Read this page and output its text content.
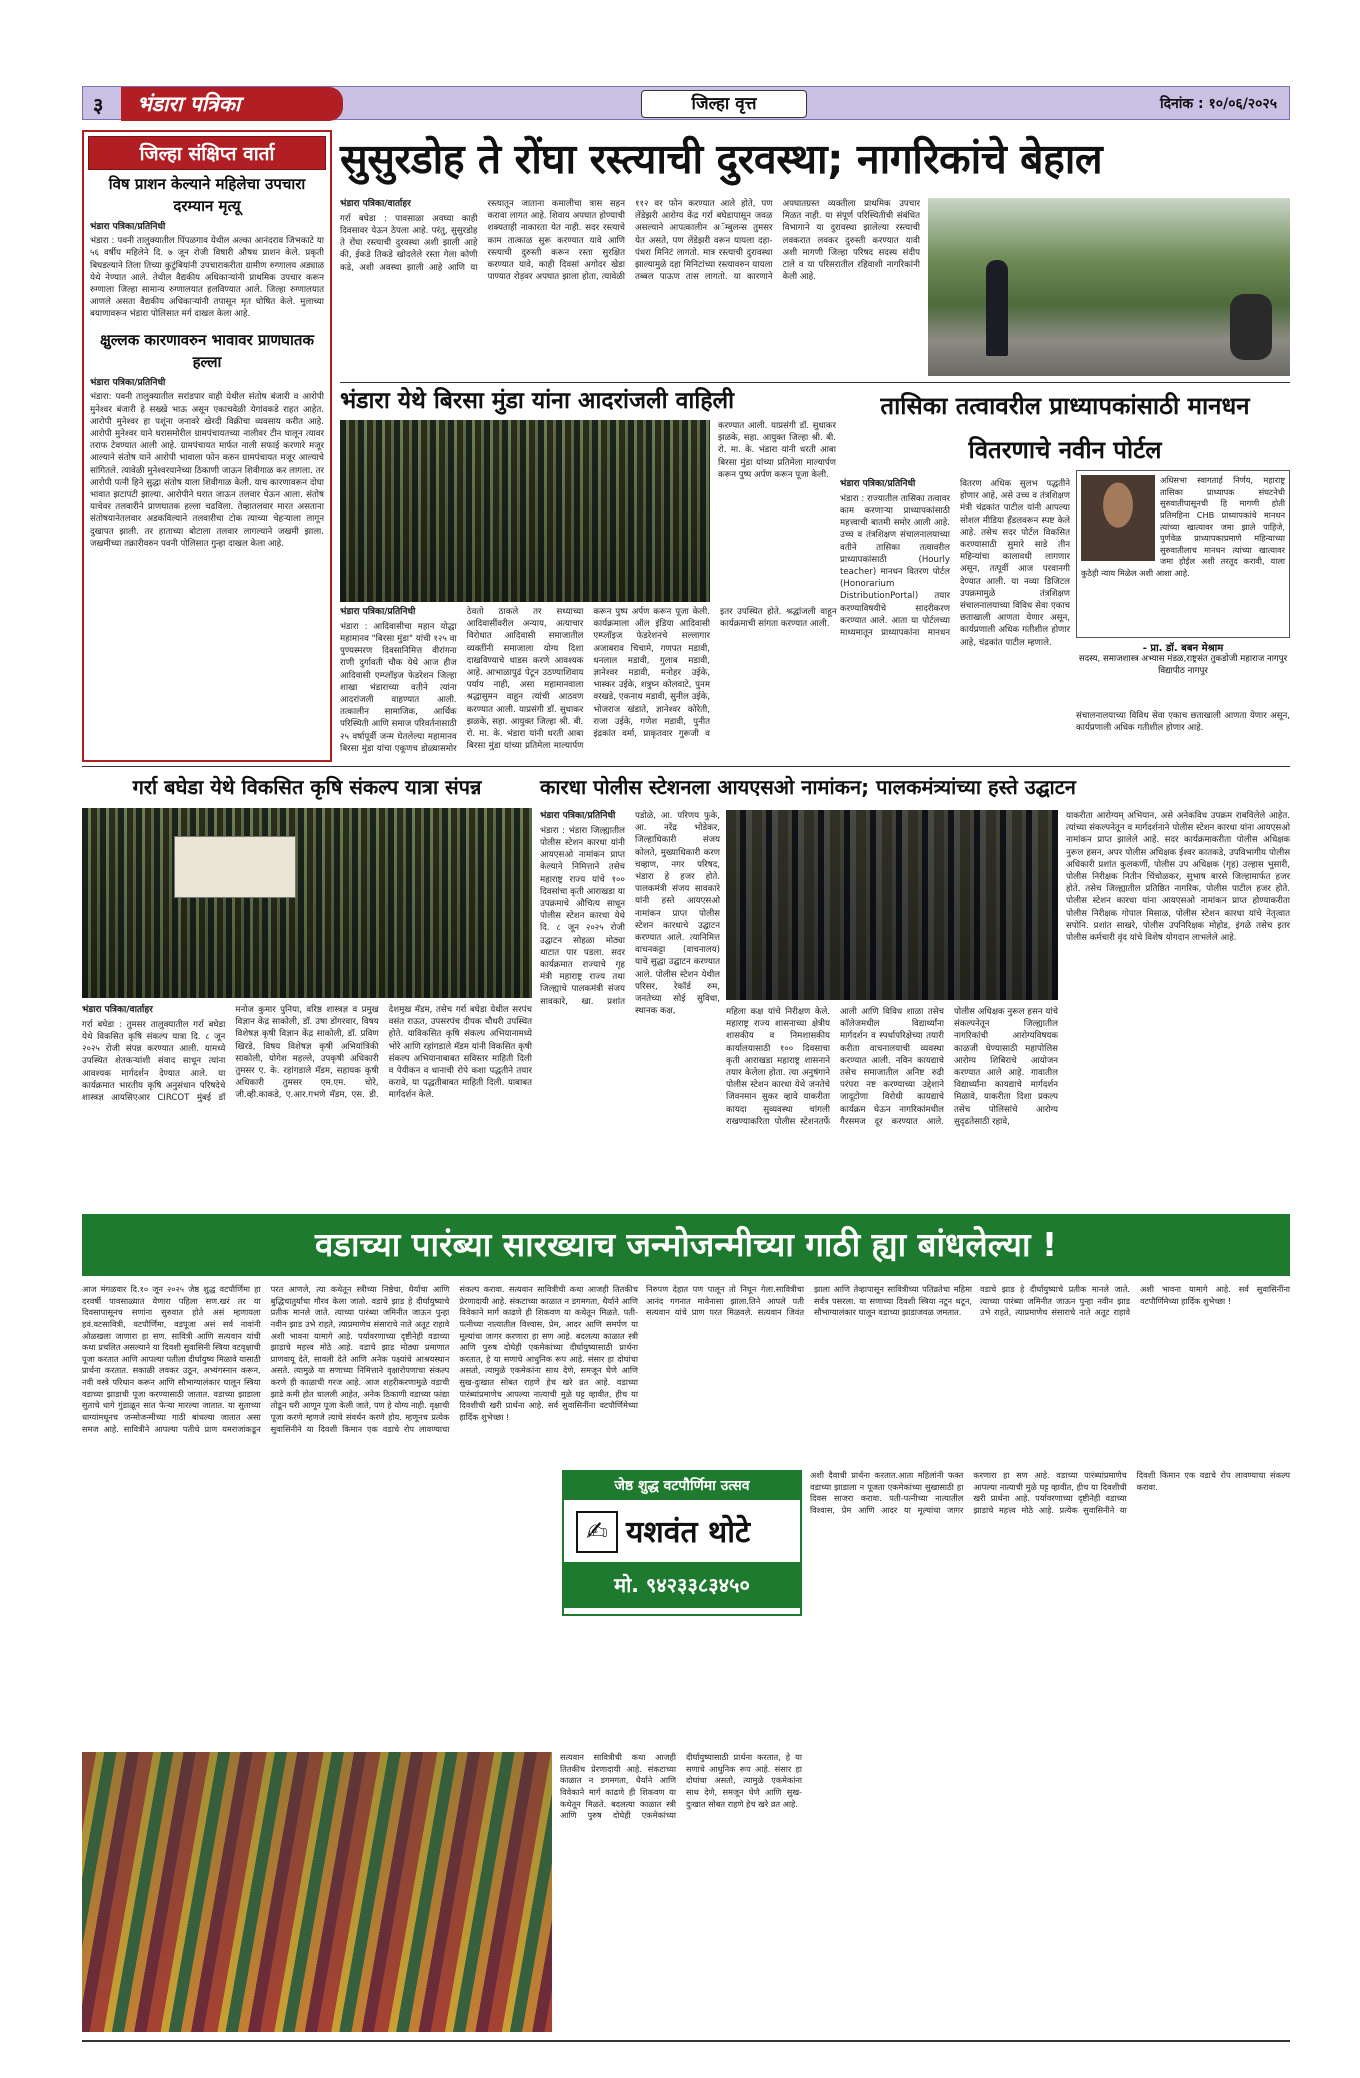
३ भंडारा पत्रिका	जिल्हा वृत्त	दिनांक : १०/०६/२०२५
जिल्हा संक्षिप्त वार्ता
विष प्राशन केल्याने महिलेचा उपचारा दरम्यान मृत्यू
भंडारा पत्रिका/प्रतिनिधी
भंडारा : पवनी तालुक्यातील पिंपळगाव येथील अल्का आनंदराव जिभकाटे या ५६ वर्षीय महिलेने दि. ७ जून रोजी विषारी औषध प्राशन केले. प्रकृती बिघडल्याने तिला तिच्या कुटुंबियांनी उपचाराकरीता ग्रामीण रुग्णालय अड्याळ येथे नेण्यात आले. तेथील वैद्यकीय अधिकाऱ्यांनी प्राथमिक उपचार करून रुग्णाला जिल्हा सामान्य रुग्णालयात हलविण्यात आले. जिल्हा रुग्णालयात आणले असता वैद्यकीय अधिकाऱ्यांनी तपासून मृत घोषित केले. मुलाच्या बयाणावरून भंडारा पोलिसात मर्ग दाखल केला आहे.
क्षुल्लक कारणावरुन भावावर प्राणघातक हल्ला
भंडारा पत्रिका/प्रतिनिधी
भंडारा: पवनी तालुक्यातील सरांडपार वाही येथील संतोष बंजारी व आरोपी मुनेश्वर बंजारी हे सख्खे भाऊ असून एकाचवेळी येगांवकडे राहत आहेत. आरोपी मुनेश्वर हा पशूंना जनावरे खेरदी विक्रीचा व्यवसाय करीत आहे. आरोपी मुनेश्वर याने घरासमोरील ग्रामपंचायतच्या नालीवर टीन घालून त्यावर तराफ टेवण्यात आली आहे. ग्रामपंचायत मार्फत नाली सफाई करणारे मजूर आल्याने संतोष याने आरोपी भावाला फोन करुन ग्रामपंचायत मजूर आल्याचे सांगितले. त्यावेळी मुनेश्वरयानेच्या ठिकाणी जाऊन शिवीगाळ कर लागला. तर आरोपी पत्नी हिने सुद्धा संतोष याला शिवीगाळ केली. याच कारणावरून दोघा भावात झटापटी झाल्या. आरोपीने घरात जाऊन तलवार घेऊन आला. संतोष याचेवर तलवारीने प्राणघातक हल्ला चढविला. तेव्हातलवार मारत असताना संतोषयानेतलवार अडकविल्याने तलवारीचा टोक त्याच्या चेहऱ्याला लागून दुखापत झाली. तर हाताच्या बोटाला तलवार लागल्याने जखमी झाला. जखमीच्या तक्रारीवरुन पवनी पोलिसात गुन्हा दाखल केला आहे.
सुसुरडोह ते रोंघा रस्त्याची दुरवस्था; नागरिकांचे बेहाल
भंडारा पत्रिका/वार्ताहर
गर्रा बघेडा : पावसाळा अवघ्या काही दिवसावर येऊन ठेपला आहे. परंतु, सुसुरडोह ते रोंघा रस्त्याची दुरवस्था अशी झाली आहे की, ईकडे तिकडे खोदलेले रस्ता गेला कोणी कडे, अशी अवस्था झाली आहे आणि या रस्त्यातून जाताना कमालीचा त्रास सहन करावा लागत आहे. शिवाय अपघात होण्याची शक्यताही नाकारता येत नाही. सदर रस्त्याचे काम तात्काळ सुरू करण्यात यावे आणि रस्त्याची दुरुस्ती करून रस्ता सुरक्षित करण्यात यावे, काही दिवसां अगोदर खेडा पाण्यात रोड़वर अपघात झाला होता, त्यावेळी ११२ वर फोन करण्यात आले होते, पण लेंडेझरी आरोग्य केंद्र गर्रा बघेडापासून जवळ असल्याने आपत्कालीन अॅम्बुलन्स तुमसर येत असते, पण लेंडेझरी वरून यायला दहा-पंधरा मिनिटं लागतो. मात्र रस्त्याची दुरावस्था झाल्यामुळे दहा मिनिटांच्या रस्त्यावरुन यायला तब्बल पाऊण तास लागतो. या कारणाने अपघातग्रस्त व्यक्तीला प्राथमिक उपचार मिळत नाही. या संपूर्ण परिस्थितीची संबंधित विभागाने या दुरावस्था झालेल्या रस्त्याची लवकरात लवकर दुरुस्ती करण्यात यावी अशी मागणी जिल्हा परिषद सदस्य संदीप टाले व या परिसरातील रहिवाशी नागरिकांनी केली आहे.
भंडारा येथे बिरसा मुंडा यांना आदरांजली वाहिली
भंडारा पत्रिका/प्रतिनिधी
भंडारा : आदिवासीचा महान योद्धा महामानव "बिरसा मुंडा" यांची १२५ वा पुण्यस्मरण दिवसानिमित्त वीरांगना राणी दुर्गावती चौक येथे आज हीज आदिवासी एम्प्लॉइज फेडरेशन जिल्हा शाखा भंडाराच्या वतीने त्यांना आदरांजली वाहण्यात आली. तत्कालीन सामाजिक, आर्थिक परिस्थिती आणि समाज परिवर्तनासाठी २५ वर्षापूर्वी जन्म घेतलेल्या महामानव बिरसा मुंडा यांचा एकूणच डोळ्यासमोर ठेवतो ठाकले तर सध्याच्या आदिवासींवरील अन्याय, अत्याचार विरोधात आदिवासी समाजातील व्यक्तींनी समाजाला योग्य दिशा दाखविण्याचे धाडस करणे आवश्यक आहे. आभाळापुढं पेटून उठण्याशिवाय पर्याय नाही, असा महामानवाला श्रद्धासुमन वाहून त्यांची आठवण करण्यात आली. याप्रसंगी डॉ. सुधाकर झळके, सहा. आयुक्त जिल्हा श्री. बी. रो. मा. के. भंडारा यांनी धरती आबा बिरसा मुंडा यांच्या प्रतिमेला माल्यार्पण करून पुष्प अर्पण करून पूजा केली. कार्यक्रमाला ऑल इंडिया आदिवासी एम्प्लॉइज फेडरेशनचे सल्लागार अजाबराव चिचामे, गणपत मडावी, धनलाल मडावी, गुलाब मडावी, ज्ञानेश्वर मडावी, मनोहर उईके, भास्कर उईके, शत्रुघ्न कोलवाटे, पुनम वरखडे, एकनाथ मडावी, सुनील उईके, भोजराज खंडाते, ज्ञानेश्वर कोरेती, राजा उईके, गणेश मडावी, पुनीत इंद्रकांत वर्मा, प्राकृतवार गुरूजी व इतर उपस्थित होते. श्रद्धांजली वाहून कार्यक्रमाची सांगता करण्यात आली.
करण्यात आली. याप्रसंगी डॉ. सुधाकर झळके, सहा. आयुक्त जिल्हा श्री. बी. रो. मा. के. भंडारा यांनी धरती आबा बिरसा मुंडा यांच्या प्रतिमेला माल्यार्पण करून पुष्प अर्पण करून पूजा केली.
तासिका तत्वावरील प्राध्यापकांसाठी मानधन वितरणाचे नवीन पोर्टल
भंडारा पत्रिका/प्रतिनिधी
भंडारा : राज्यातील तासिका तत्वावर काम करणाऱ्या प्राध्यापकांसाठी महत्त्वाची बातमी समोर आली आहे. उच्च व तंत्रशिक्षण संचालनालयाच्या वतीने तासिका तत्वावरील प्राध्यापकांसाठी (Hourly teacher) मानधन वितरण पोर्टल (Honorarium DistributionPortal) तयार करण्याविषयीचे सादरीकरण करण्यात आले. आता या पोर्टलच्या माध्यमातून प्राध्यापकांना मानधन वितरण अधिक सुलभ पद्धतीने होणार आहे, असे उच्च व तंत्रशिक्षण मंत्री चंद्रकांत पाटील यांनी आपल्या सोशल मीडिया हँडलवरून स्पष्ट केले आहे. तसेच सदर पोर्टल विकसित करण्यासाठी सुमारे साडे तीन महिन्यांचा कालावधी लागणार असून, तत्पूर्वी आज परवानगी देण्यात आली. या नव्या डिजिटल उपक्रमामुळे तंत्रशिक्षण संचालनालयाच्या विविध सेवा एकाच छताखाली आणता येणार असून, कार्यप्रणाली अधिक गतीशील होणार आहे, चंद्रकांत पाटील म्हणाले.
अधिसभा स्वागतार्ह निर्णय, महाराष्ट्र तासिका प्राध्यापक संघटनेची सुरुवातीपासूनची हि मागणी होती प्रतिमहिना CHB प्राध्यापकांचे मानधन त्यांच्या खात्यावर जमा झाले पाहिजे, पुर्णवेळ प्राध्यापकाप्रमाणे महिन्याच्या सुरुवातीलाच मानधन त्यांच्या खात्यावर जमा होईल अशी तरतूद करावी, याला कुठेही न्याय मिळेल अशी आशा आहे.
- प्रा. डॉ. बबन मेश्राम
सदस्य, समाजशास्त्र अभ्यास मंडळ,राष्ट्रसंत तुकडोजी महाराज नागपुर विद्यापीठ नागपुर
संचालनालयाच्या विविध सेवा एकाच छताखाली आणता येणार असून, कार्यप्रणाली अधिक गतीशील होणार आहे.
गर्रा बघेडा येथे विकसित कृषि संकल्प यात्रा संपन्न
भंडारा पत्रिका/वार्ताहर
गर्रा बघेडा : तुमसर तालुक्यातील गर्रा बघेडा येथे विकसित कृषि संकल्प यात्रा दि. ८ जून २०२५ रोजी संपन्न करण्यात आली. यामध्ये उपस्थित शेतकऱ्यांशी संवाद साधून त्यांना आवश्यक मार्गदर्शन देण्यात आले. या कार्यक्रमात भारतीय कृषि अनुसंधान परिषदेचे शास्त्रज्ञ आयसिएआर CIRCOT मुंबई डॉ मनोज कुमार पुनिया, वरिष्ठ शास्त्रज्ञ व प्रमुख विज्ञान केंद्र साकोली, डॉ. उषा डोंगरवार, विषय विशेषज्ञ कृषी विज्ञान केंद्र साकोली, डॉ. प्रविण खिरडे, विषय विशेषज्ञ कृषी अभियांत्रिकी साकोली, योगेश महल्ले, उपकृषी अधिकारी तुमसर ए. के. रहांगडाले मॅडम, सहायक कृषी अधिकारी तुमसर एम.एम. चोरे, जी.व्ही.काकडे, ए.आर.गभणे मॅडम, एस. डी. देशमुख मॅडम, तसेच गर्रा बघेडा येथील सरपंच वसंत राऊत, उपसरपंच दीपक चौधरी उपस्थित होते. याविकसित कृषि संकल्प अभियानामध्ये भोरे आणि रहांगडाले मॅडम यांनी विकसित कृषी संकल्प अभियानाबाबत सविस्तर माहिती दिली व पेयीकन व धानाची रोपे कशा पद्धतीने तयार करावे, या पद्धतीबाबत माहिती दिली. याबाबत मार्गदर्शन केले.
कारधा पोलीस स्टेशनला आयएसओ नामांकन; पालकमंत्र्यांच्या हस्ते उद्घाटन
भंडारा पत्रिका/प्रतिनिधी
भंडारा : भंडारा जिल्ह्यातील पोलीस स्टेशन कारधा यांनी आयएसओ नामांकन प्राप्त केल्याने निमित्ताने तसेच महाराष्ट्र राज्य यांचे १०० दिवसांचा कृती आराखडा या उपक्रमाचे औचित्य साधून पोलीस स्टेशन कारधा येथे दि. ८ जून २०२५ रोजी उद्घाटन सोहळा मोठ्या थाटात पार पडला. सदर कार्यक्रमात राज्याचे गृह मंत्री महाराष्ट्र राज्य तथा जिल्ह्याचे पालकमंत्री संजय सावकारे, खा. प्रशांत पडोळे, आ. परिणय फुके, आ. नरेंद्र भोंडेकर, जिल्हाधिकारी संजय कोलते, मुख्याधिकारी करण चव्हाण, नगर परिषद, भंडारा हे हजर होते. पालकमंत्री संजय सावकारे यांनी हस्ते आयएसओ नामांकन प्राप्त पोलीस स्टेशन कारधाचे उद्घाटन करण्यात आले. त्यानिमित्त वाचनकट्टा (वाचनालय) याचे सुद्धा उद्घाटन करण्यात आले. पोलीस स्टेशन येथील परिसर, रेकॉर्ड रुम, जनतेच्या सोई सुविधा, स्थानक कक्ष,	महिला कक्ष यांचे निरीक्षण केले. महाराष्ट्र राज्य शासनाच्या क्षेत्रीय शासकीय व निमशासकीय कार्यालयासाठी १०० दिवसाचा कृती आराखडा महाराष्ट्र शासनाने तयार केलेला होता. त्या अनुषंगाने पोलीस स्टेशन कारधा येथे जनतेचे जिवनमान सुकर व्हावे याकरीता कायदा सुव्यवस्था चांगली राखण्याकरिता पोलीस स्टेशनतर्फे आली आणि विविध शाळा तसेच कॉलेजमधील विद्यार्थ्यांना मार्गदर्शन व स्पर्धापरिक्षेच्या तयारी करीता वाचनालयाची व्यवस्था करण्यात आली. नविन कायद्याचे तसेच समाजातील अनिष्ट रुढी परंपरा नष्ट करण्याच्या उद्देशाने जादूटोणा विरोधी कायद्याचे कार्यक्रम घेऊन नागरिकांमधील गैरसमज दूर करण्यात आले. पोलीस अधिक्षक नुरूल हसन यांचे संकल्पनेतून जिल्ह्यातील नागरिकांची आरोग्यविषयक काळजी घेण्यासाठी महापोलिस आरोग्य शिबिराचे आयोजन करण्यात आले आहे. गावातील विद्यार्थ्यांना कायद्याचे मार्गदर्शन मिळावे, याकरीता दिशा प्रकल्प तसेच पोलिसांचे आरोग्य सुदृढतेसाठी रहावे,
याकरीता आरोग्यम् अभियान, असे अनेकविध उपक्रम राबविलेले आहेत. त्यांच्या संकल्पनेतून व मार्गदर्शनाने पोलीस स्टेशन कारधा यांना आयएसओ नामांकन प्राप्त झालेले आहे. सदर कार्यक्रमाकरीता पोलीस अधिक्षक नुरूल हसन, अपर पोलीस अधिक्षक ईश्वर कातकडे, उपविभागीय पोलीस अधिकारी प्रशांत कुलकर्णी, पोलीस उप अधिक्षक (गृह) उल्हास भुसारी, पोलीस निरीक्षक नितीन चिंचोळकर, सुभाष बारसे जिल्हामार्फत हजर होते. तसेच जिल्ह्यातील प्रतिष्ठित नागरिक, पोलीस पाटील हजर होते. पोलीस स्टेशन कारधा यांना आयएसओ नामांकन प्राप्त होण्याकरीता पोलीस निरीक्षक गोपाल मिसाळ, पोलीस स्टेशन कारधा यांचे नेतृत्वात सपोनि. प्रशांत साखरे, पोलीस उपनिरिक्षक मोहोड, इंगळे तसेच इतर पोलीस कर्मचारी वृंद यांचे विशेष योगदान लाभलेले आहे.
वडाच्या पारंब्या सारख्याच जन्मोजन्मीच्या गाठी ह्या बांधलेल्या !
आज मंगळवार दि.१० जून २०२५ जेष्ठ शुद्ध वटपौर्णिमा हा दरवर्षी पावसाळ्यात येणारा पहिला सण.खरं तर या दिवसापासूनच सणांना सुरुवात होते असं म्हणायला हवं.वटसावित्री, वटपौर्णिमा, वडपूजा असं सर्व नावांनी ओळखला जाणारा हा सण. सावित्री आणि सत्यवान यांची कथा प्रचलित असल्याने या दिवशी सुवासिनी स्त्रिया वटवृक्षाची पूजा करतात आणि आपल्या पतीला दीर्घायुष्य मिळावे यासाठी प्रार्थना करतात. सकाळी लवकर उठून, अभ्यंगस्नान करून, नवी वस्त्रे परिधान करून आणि सौभाग्यालंकार घालून स्त्रिया वडाच्या झाडाची पूजा करण्यासाठी जातात. वडाच्या झाडाला सुताचे धागे गुंडाळून सात फेऱ्या मारल्या जातात. या सुताच्या धाग्यांमधूनच जन्मोजन्मीच्या गाठी बांधल्या जातात असा समज आहे. सावित्रीने आपल्या पतीचे प्राण यमराजांकडून परत आणले, त्या कथेतून स्त्रीच्या निष्ठेचा, धैर्याचा आणि बुद्धिचातुर्याचा गौरव केला जातो. वडाचे झाड हे दीर्घायुष्याचे प्रतीक मानले जाते. त्याच्या पारंब्या जमिनीत जाऊन पुन्हा नवीन झाड उभे राहते, त्याप्रमाणेच संसाराचे नाते अतूट राहावे अशी भावना यामागे आहे. पर्यावरणाच्या दृष्टीनेही वडाच्या झाडाचे महत्त्व मोठे आहे. वडाचे झाड मोठ्या प्रमाणात प्राणवायू देते, सावली देते आणि अनेक पक्ष्यांचे आश्रयस्थान असते. त्यामुळे या सणाच्या निमित्ताने वृक्षारोपणाचा संकल्प करणे ही काळाची गरज आहे. आज शहरीकरणामुळे वडाची झाडे कमी होत चालली आहेत, अनेक ठिकाणी वडाच्या फांद्या तोडून घरी आणून पूजा केली जाते, पण हे योग्य नाही. वृक्षाची पूजा करणे म्हणजे त्याचे संवर्धन करणे होय. म्हणूनच प्रत्येक सुवासिनीने या दिवशी किमान एक वडाचे रोप लावण्याचा संकल्प करावा. सत्यवान सावित्रीची कथा आजही तितकीच प्रेरणादायी आहे. संकटाच्या काळात न डगमगता, धैर्याने आणि विवेकाने मार्ग काढणे ही शिकवण या कथेतून मिळते. पती-पत्नीच्या नात्यातील विश्वास, प्रेम, आदर आणि समर्पण या मूल्यांचा जागर करणारा हा सण आहे. बदलत्या काळात स्त्री आणि पुरुष दोघेही एकमेकांच्या दीर्घायुष्यासाठी प्रार्थना करतात, हे या सणाचे आधुनिक रूप आहे. संसार हा दोघांचा असतो, त्यामुळे एकमेकांना साथ देणे, समजून घेणे आणि सुख-दुःखात सोबत राहणे हेच खरे व्रत आहे. वडाच्या पारंब्यांप्रमाणेच आपल्या नात्याची मुळे घट्ट व्हावीत, हीच या दिवशीची खरी प्रार्थना आहे. सर्व सुवासिनींना वटपौर्णिमेच्या हार्दिक शुभेच्छा !
जेष्ठ शुद्ध वटपौर्णिमा उत्सव
✍ यशवंत थोटे
मो. ९४२३३८३४५०
निरुपण देहात पण पालून तो निघून गेला.सावित्रीचा आनंद गगनात मावेनासा झाला.तिने आपले पती सत्यवान यांचे प्राण परत मिळवले. सत्यवान जिवंत झाला आणि तेव्हापासून सावित्रीच्या पतिव्रतेचा महिमा सर्वत्र पसरला. या सणाच्या दिवशी स्त्रिया नटून थटून, सौभाग्यालंकार घालून वडाच्या झाडाजवळ जमतात.
अशी दैवाची प्रार्थना करतात.आता महिलांनी फक्त वडाच्या झाडाला न पूजता एकमेकांच्या सुखासाठी हा दिवस साजरा करावा. पती-पत्नीच्या नात्यातील विश्वास, प्रेम आणि आदर या मूल्यांचा जागर करणारा हा सण आहे. वडाच्या पारंब्यांप्रमाणेच आपल्या नात्याची मुळे घट्ट व्हावीत, हीच या दिवशीची खरी प्रार्थना आहे. पर्यावरणाच्या दृष्टीनेही वडाच्या झाडाचे महत्त्व मोठे आहे. प्रत्येक सुवासिनीने या दिवशी किमान एक वडाचे रोप लावण्याचा संकल्प करावा.
वडाचे झाड हे दीर्घायुष्याचे प्रतीक मानले जाते. त्याच्या पारंब्या जमिनीत जाऊन पुन्हा नवीन झाड उभे राहते, त्याप्रमाणेच संसाराचे नाते अतूट राहावे अशी भावना यामागे आहे. सर्व सुवासिनींना वटपौर्णिमेच्या हार्दिक शुभेच्छा !
सत्यवान सावित्रीची कथा आजही तितकीच प्रेरणादायी आहे. संकटाच्या काळात न डगमगता, धैर्याने आणि विवेकाने मार्ग काढणे ही शिकवण या कथेतून मिळते. बदलत्या काळात स्त्री आणि पुरुष दोघेही एकमेकांच्या दीर्घायुष्यासाठी प्रार्थना करतात, हे या सणाचे आधुनिक रूप आहे. संसार हा दोघांचा असतो, त्यामुळे एकमेकांना साथ देणे, समजून घेणे आणि सुख-दुःखात सोबत राहणे हेच खरे व्रत आहे.
